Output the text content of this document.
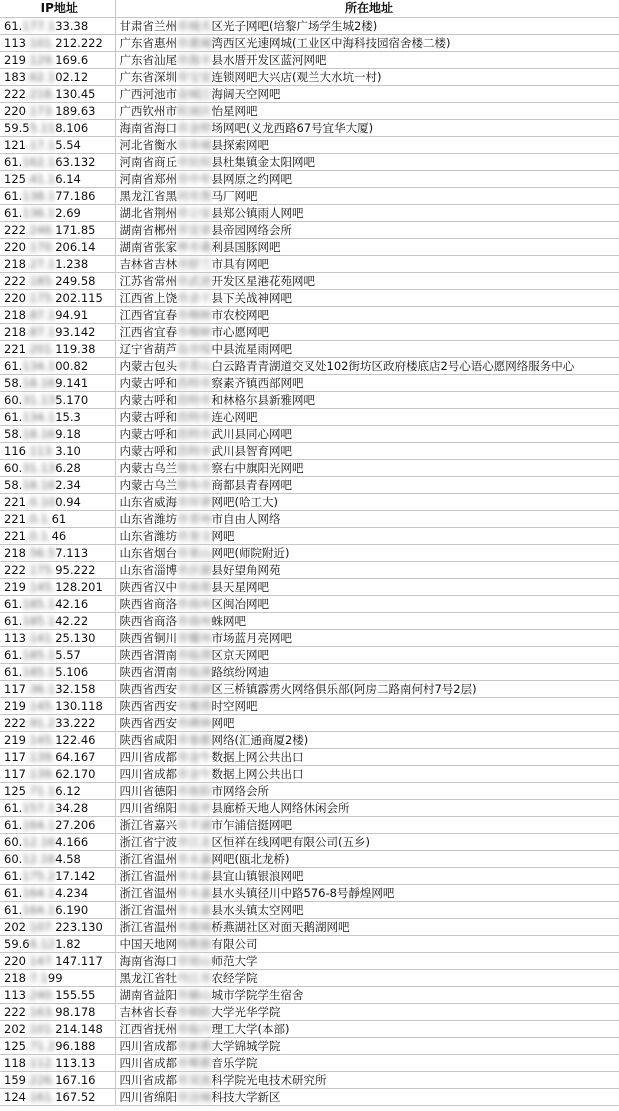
IP地址	所在地址
61.177.133.38	甘肃省兰州市城关区光子网吧(培黎广场学生城2楼)
113.101.212.222	广东省惠州市惠城湾西区光速网城(工业区中海科技园宿舍楼二楼)
219.129.169.6	广东省汕尾市海丰县水厝开发区蓝河网吧
183.62.102.12	广东省深圳市宝安连锁网吧大兴店(观兰大水坑一村)
222.218.130.45	广西河池市金城江海阔天空网吧
220.173.189.63	广西钦州市钦南区怡星网吧
59.55.118.106	海南省海口市金明场网吧(义龙西路67号宜华大厦)
121.17.15.54	河北省衡水市阜城县探索网吧
61.162.163.132	河南省商丘市民权县杜集镇金太阳网吧
125.41.16.14	河南省郑州市中牟县网原之约网吧
61.138.177.186	黑龙江省黑河市黑马厂网吧
61.136.12.69	湖北省荆州市公安县郑公镇雨人网吧
222.246.171.85	湖南省郴州市宜章县帝园网络会所
220.170.206.14	湖南省张家界市桑利县国豚网吧
218.27.11.238	吉林省吉林市舒兰市具有网吧
222.185.249.58	江苏省常州市武进开发区星港花苑网吧
220.175.202.115	江西省上饶市余干县下关战神网吧
218.87.194.91	江西省宜春市樟树市农校网吧
218.87.193.142	江西省宜春市樟树市心愿网吧
221.201.119.38	辽宁省葫芦岛市绥中县流星雨网吧
61.134.100.82	内蒙古包头市青山白云路青青湖道交叉处102街坊区政府楼底店2号心语心愿网络服务中心
58.18.169.141	内蒙古呼和浩特市察素齐镇西部网吧
60.31.135.170	内蒙古呼和浩特市和林格尔县新雅网吧
61.134.115.3	内蒙古呼和浩特市连心网吧
58.18.169.18	内蒙古呼和浩特市武川县同心网吧
116.113.3.10	内蒙古呼和浩特市武川县智育网吧
60.31.136.28	内蒙古乌兰察布市察右中旗阳光网吧
58.18.162.34	内蒙古乌兰察布市商都县青春网吧
221.0.100.94	山东省威海市环翠网吧(哈工大)
221.0.1.61	山东省潍坊市青州市自由人网络
221.0.1.46	山东省潍坊市奎文网吧
218.56.57.113	山东省烟台市莱山网吧(师院附近)
222.175.95.222	山东省淄博市沂源县好望角网苑
219.145.128.201	陕西省汉中市南郑县天星网吧
61.185.142.16	陕西省商洛市商州区闽冶网吧
61.185.142.22	陕西省商洛市商州蛛网吧
113.141.25.130	陕西省铜川市耀州市场蓝月亮网吧
61.185.15.57	陕西省渭南市临渭区京天网吧
61.185.15.106	陕西省渭南市临渭路缤纷网迪
117.36.132.158	陕西省西安市莲湖区三桥镇霹雳火网络俱乐部(阿房二路南何村7号2层)
219.145.130.118	陕西省西安市雁塔时空网吧
222.91.233.222	陕西省西安市碑林网吧
219.145.122.46	陕西省咸阳市秦都网络(汇通商厦2楼)
117.139.64.167	四川省成都市金牛数据上网公共出口
117.139.62.170	四川省成都市金牛数据上网公共出口
125.71.16.12	四川省德阳市旌阳市网络会所
61.157.134.28	四川省绵阳市盐亭县廊桥天地人网络休闲会所
61.164.127.206	浙江省嘉兴市平湖市乍浦信挺网吧
60.12.164.166	浙江省宁波市江北区恒祥在线网吧有限公司(五乡)
60.12.164.58	浙江省温州市永嘉网吧(瓯北龙桥)
61.175.217.142	浙江省温州市永嘉县宜山镇银浪网吧
61.164.14.234	浙江省温州市永嘉县水头镇径川中路576-8号靜煌网吧
61.164.16.190	浙江省温州市永嘉县水头镇太空网吧
202.107.223.130	浙江省温州市鹿城桥燕湖社区对面天鹅湖网吧
59.66.121.82	中国天地网络数据有限公司
220.147.147.117	海南省海口市琼山师范大学
218.7.199	黑龙江省牡丹江市农经学院
113.240.155.55	湖南省益阳市赫山城市学院学生宿舍
222.163.98.178	吉林省长春市朝阳大学光华学院
202.101.214.148	江西省抚州市临川理工大学(本部)
125.71.296.188	四川省成都市新都大学锦城学院
118.112.113.13	四川省成都市郫都音乐学院
159.226.167.16	四川省成都市双流科学院光电技术研究所
124.161.167.52	四川省绵阳市涪城科技大学新区
